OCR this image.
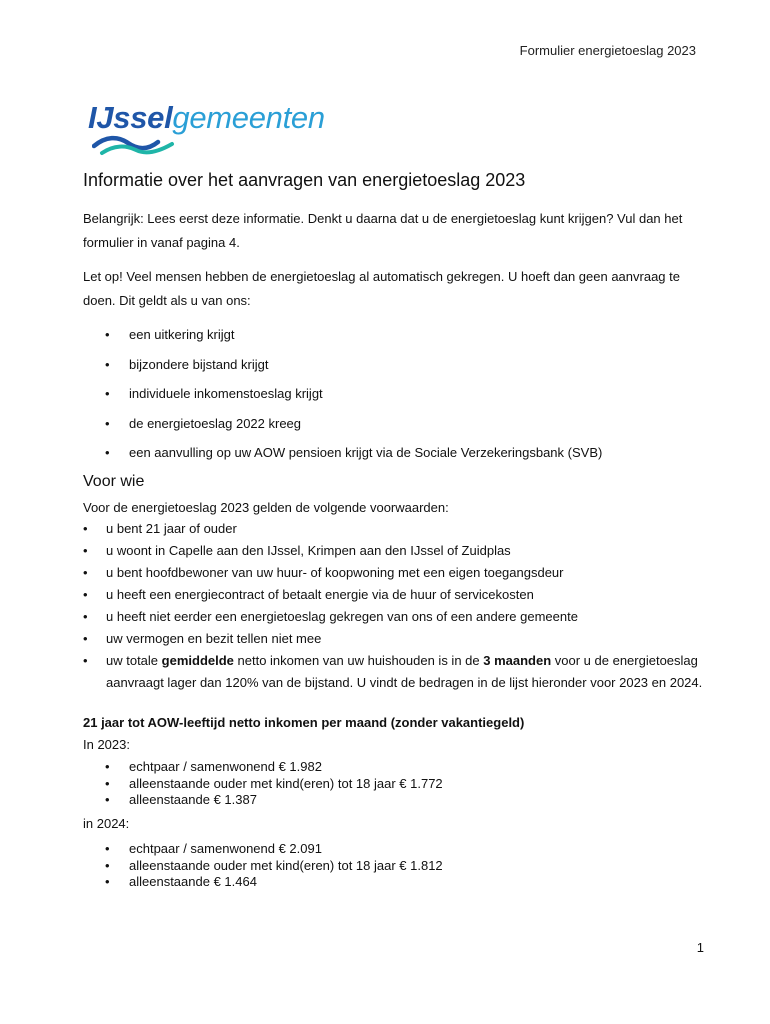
Formulier energietoeslag 2023
IJsselgemeenten
Informatie over het aanvragen van energietoeslag 2023

Belangrijk: Lees eerst deze informatie. Denkt u daarna dat u de energietoeslag kunt krijgen? Vul dan het formulier in vanaf pagina 4.

Let op! Veel mensen hebben de energietoeslag al automatisch gekregen. U hoeft dan geen aanvraag te doen. Dit geldt als u van ons:

• een uitkering krijgt
• bijzondere bijstand krijgt
• individuele inkomenstoeslag krijgt
• de energietoeslag 2022 kreeg
• een aanvulling op uw AOW pensioen krijgt via de Sociale Verzekeringsbank (SVB)
Voor wie

Voor de energietoeslag 2023 gelden de volgende voorwaarden:

• u bent 21 jaar of ouder
• u woont in Capelle aan den IJssel, Krimpen aan den IJssel of Zuidplas
• u bent hoofdbewoner van uw huur- of koopwoning met een eigen toegangsdeur
• u heeft een energiecontract of betaalt energie via de huur of servicekosten
• u heeft niet eerder een energietoeslag gekregen van ons of een andere gemeente
• uw vermogen en bezit tellen niet mee
• uw totale gemiddelde netto inkomen van uw huishouden is in de 3 maanden voor u de energietoeslag aanvraagt lager dan 120% van de bijstand. U vindt de bedragen in de lijst hieronder voor 2023 en 2024.
21 jaar tot AOW-leeftijd netto inkomen per maand (zonder vakantiegeld)

In 2023:

• echtpaar / samenwonend € 1.982
• alleenstaande ouder met kind(eren) tot 18 jaar € 1.772
• alleenstaande € 1.387

in 2024:

• echtpaar / samenwonend € 2.091
• alleenstaande ouder met kind(eren) tot 18 jaar € 1.812
• alleenstaande € 1.464
1
